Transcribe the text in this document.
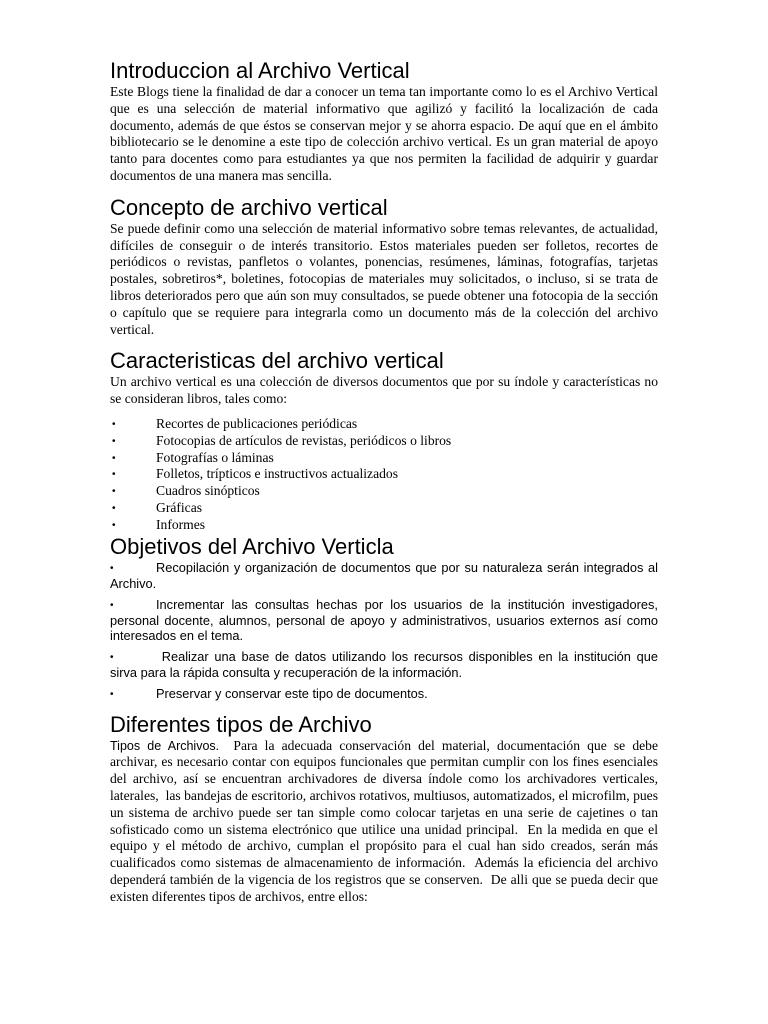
Introduccion al Archivo Vertical

Este Blogs tiene la finalidad de dar a conocer un tema tan importante como lo es el Archivo Vertical que es una selección de material informativo que agilizó y facilitó la localización de cada documento, además de que éstos se conservan mejor y se ahorra espacio. De aquí que en el ámbito bibliotecario se le denomine a este tipo de colección archivo vertical. Es un gran material de apoyo tanto para docentes como para estudiantes ya que nos permiten la facilidad de adquirir y guardar documentos de una manera mas sencilla.

Concepto de archivo vertical

Se puede definir como una selección de material informativo sobre temas relevantes, de actualidad, difíciles de conseguir o de interés transitorio. Estos materiales pueden ser folletos, recortes de periódicos o revistas, panfletos o volantes, ponencias, resúmenes, láminas, fotografías, tarjetas postales, sobretiros*, boletines, fotocopias de materiales muy solicitados, o incluso, si se trata de libros deteriorados pero que aún son muy consultados, se puede obtener una fotocopia de la sección o capítulo que se requiere para integrarla como un documento más de la colección del archivo vertical.

Caracteristicas del archivo vertical

Un archivo vertical es una colección de diversos documentos que por su índole y características no se consideran libros, tales como:

• Recortes de publicaciones periódicas
• Fotocopias de artículos de revistas, periódicos o libros
• Fotografías o láminas
• Folletos, trípticos e instructivos actualizados
• Cuadros sinópticos
• Gráficas
• Informes
Objetivos del Archivo Verticla

•	Recopilación y organización de documentos que por su naturaleza serán integrados al Archivo.

•	Incrementar las consultas hechas por los usuarios de la institución investigadores, personal docente, alumnos, personal de apoyo y administrativos, usuarios externos así como interesados en el tema.

•	Realizar una base de datos utilizando los recursos disponibles en la institución que sirva para la rápida consulta y recuperación de la información.

•	Preservar y conservar este tipo de documentos.

Diferentes tipos de Archivo

Tipos de Archivos.  Para la adecuada conservación del material, documentación que se debe archivar, es necesario contar con equipos funcionales que permitan cumplir con los fines esenciales del archivo, así se encuentran archivadores de diversa índole como los archivadores verticales, laterales,  las bandejas de escritorio, archivos rotativos, multiusos, automatizados, el microfilm, pues un sistema de archivo puede ser tan simple como colocar tarjetas en una serie de cajetines o tan sofisticado como un sistema electrónico que utilice una unidad principal.  En la medida en que el equipo y el método de archivo, cumplan el propósito para el cual han sido creados, serán más cualificados como sistemas de almacenamiento de información.  Además la eficiencia del archivo dependerá también de la vigencia de los registros que se conserven.  De alli que se pueda decir que existen diferentes tipos de archivos, entre ellos:
